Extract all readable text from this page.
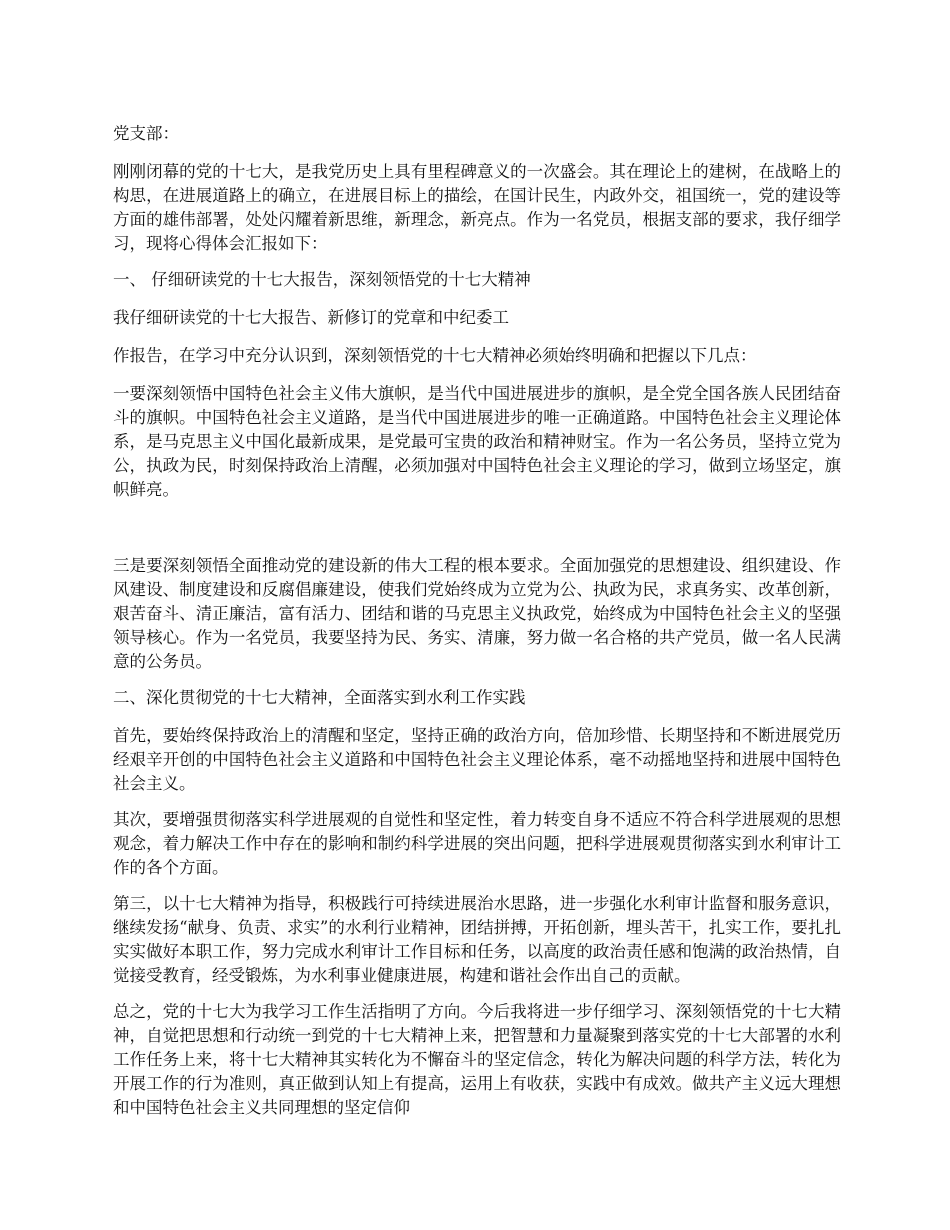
党支部：

刚刚闭幕的党的十七大，是我党历史上具有里程碑意义的一次盛会。其在理论上的建树，在战略上的构思，在进展道路上的确立，在进展目标上的描绘，在国计民生，内政外交，祖国统一，党的建设等方面的雄伟部署，处处闪耀着新思维，新理念，新亮点。作为一名党员，根据支部的要求，我仔细学习，现将心得体会汇报如下：

一、 仔细研读党的十七大报告，深刻领悟党的十七大精神

我仔细研读党的十七大报告、新修订的党章和中纪委工

作报告，在学习中充分认识到，深刻领悟党的十七大精神必须始终明确和把握以下几点：

一要深刻领悟中国特色社会主义伟大旗帜，是当代中国进展进步的旗帜，是全党全国各族人民团结奋斗的旗帜。中国特色社会主义道路，是当代中国进展进步的唯一正确道路。中国特色社会主义理论体系，是马克思主义中国化最新成果，是党最可宝贵的政治和精神财宝。作为一名公务员，坚持立党为公，执政为民，时刻保持政治上清醒，必须加强对中国特色社会主义理论的学习，做到立场坚定，旗帜鲜亮。

三是要深刻领悟全面推动党的建设新的伟大工程的根本要求。全面加强党的思想建设、组织建设、作风建设、制度建设和反腐倡廉建设，使我们党始终成为立党为公、执政为民，求真务实、改革创新，艰苦奋斗、清正廉洁，富有活力、团结和谐的马克思主义执政党，始终成为中国特色社会主义的坚强领导核心。作为一名党员，我要坚持为民、务实、清廉，努力做一名合格的共产党员，做一名人民满意的公务员。

二、深化贯彻党的十七大精神，全面落实到水利工作实践

首先，要始终保持政治上的清醒和坚定，坚持正确的政治方向，倍加珍惜、长期坚持和不断进展党历经艰辛开创的中国特色社会主义道路和中国特色社会主义理论体系，毫不动摇地坚持和进展中国特色社会主义。

其次，要增强贯彻落实科学进展观的自觉性和坚定性，着力转变自身不适应不符合科学进展观的思想观念，着力解决工作中存在的影响和制约科学进展的突出问题，把科学进展观贯彻落实到水利审计工作的各个方面。

第三，以十七大精神为指导，积极践行可持续进展治水思路，进一步强化水利审计监督和服务意识，继续发扬“献身、负责、求实”的水利行业精神，团结拼搏，开拓创新，埋头苦干，扎实工作，要扎扎实实做好本职工作，努力完成水利审计工作目标和任务，以高度的政治责任感和饱满的政治热情，自觉接受教育，经受锻炼，为水利事业健康进展，构建和谐社会作出自己的贡献。

总之，党的十七大为我学习工作生活指明了方向。今后我将进一步仔细学习、深刻领悟党的十七大精神，自觉把思想和行动统一到党的十七大精神上来，把智慧和力量凝聚到落实党的十七大部署的水利工作任务上来，将十七大精神其实转化为不懈奋斗的坚定信念，转化为解决问题的科学方法，转化为开展工作的行为准则，真正做到认知上有提高，运用上有收获，实践中有成效。做共产主义远大理想和中国特色社会主义共同理想的坚定信仰
